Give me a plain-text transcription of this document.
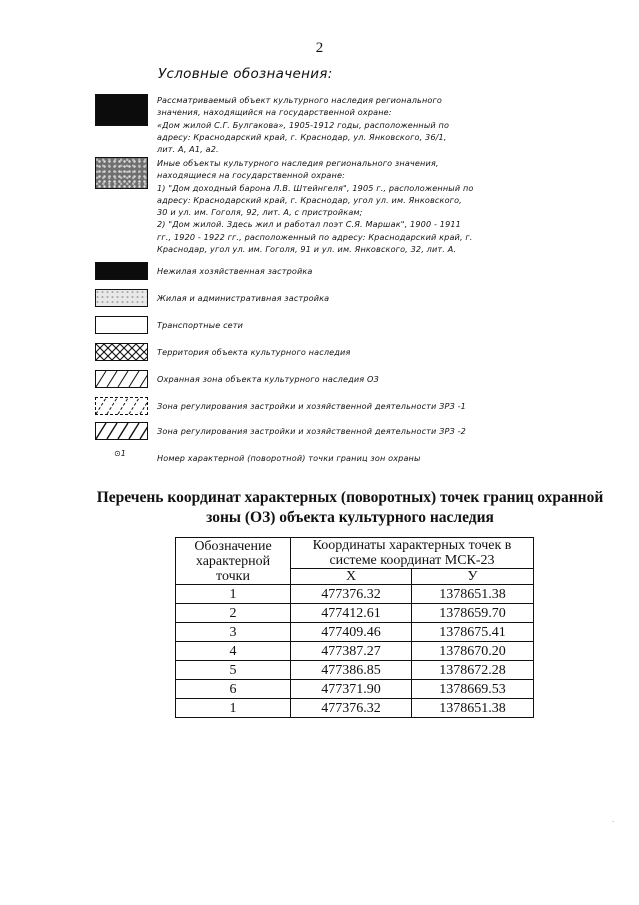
2
Условные обозначения:
Рассматриваемый объект культурного наследия регионального
значения, находящийся на государственной охране:
«Дом жилой С.Г. Булгакова», 1905-1912 годы, расположенный по
адресу: Краснодарский край, г. Краснодар, ул. Янковского, 36/1,
лит. А, А1, а2.
Иные объекты культурного наследия регионального значения,
находящиеся на государственной охране:
1) "Дом доходный барона Л.В. Штейнгеля", 1905 г., расположенный по
адресу: Краснодарский край, г. Краснодар, угол ул. им. Янковского,
30 и ул. им. Гоголя, 92, лит. А, с пристройкам;
2) "Дом жилой. Здесь жил и работал поэт С.Я. Маршак", 1900 - 1911
гг., 1920 - 1922 гг., расположенный по адресу: Краснодарский край, г.
Краснодар, угол ул. им. Гоголя, 91 и ул. им. Янковского, 32, лит. А.
Нежилая хозяйственная застройка
Жилая и административная застройка
Транспортные сети
Территория объекта культурного наследия
Охранная зона объекта культурного наследия ОЗ
Зона регулирования застройки и хозяйственной деятельности ЗРЗ -1
Зона регулирования застройки и хозяйственной деятельности ЗРЗ -2
⊙1	Номер характерной (поворотной) точки границ зон охраны
Перечень координат характерных (поворотных) точек границ охранной
зоны (ОЗ) объекта культурного наследия
Обозначение характерной точки	Координаты характерных точек в системе координат МСК-23	
	X	У
1	477376.32	1378651.38
2	477412.61	1378659.70
3	477409.46	1378675.41
4	477387.27	1378670.20
5	477386.85	1378672.28
6	477371.90	1378669.53
1	477376.32	1378651.38
·
